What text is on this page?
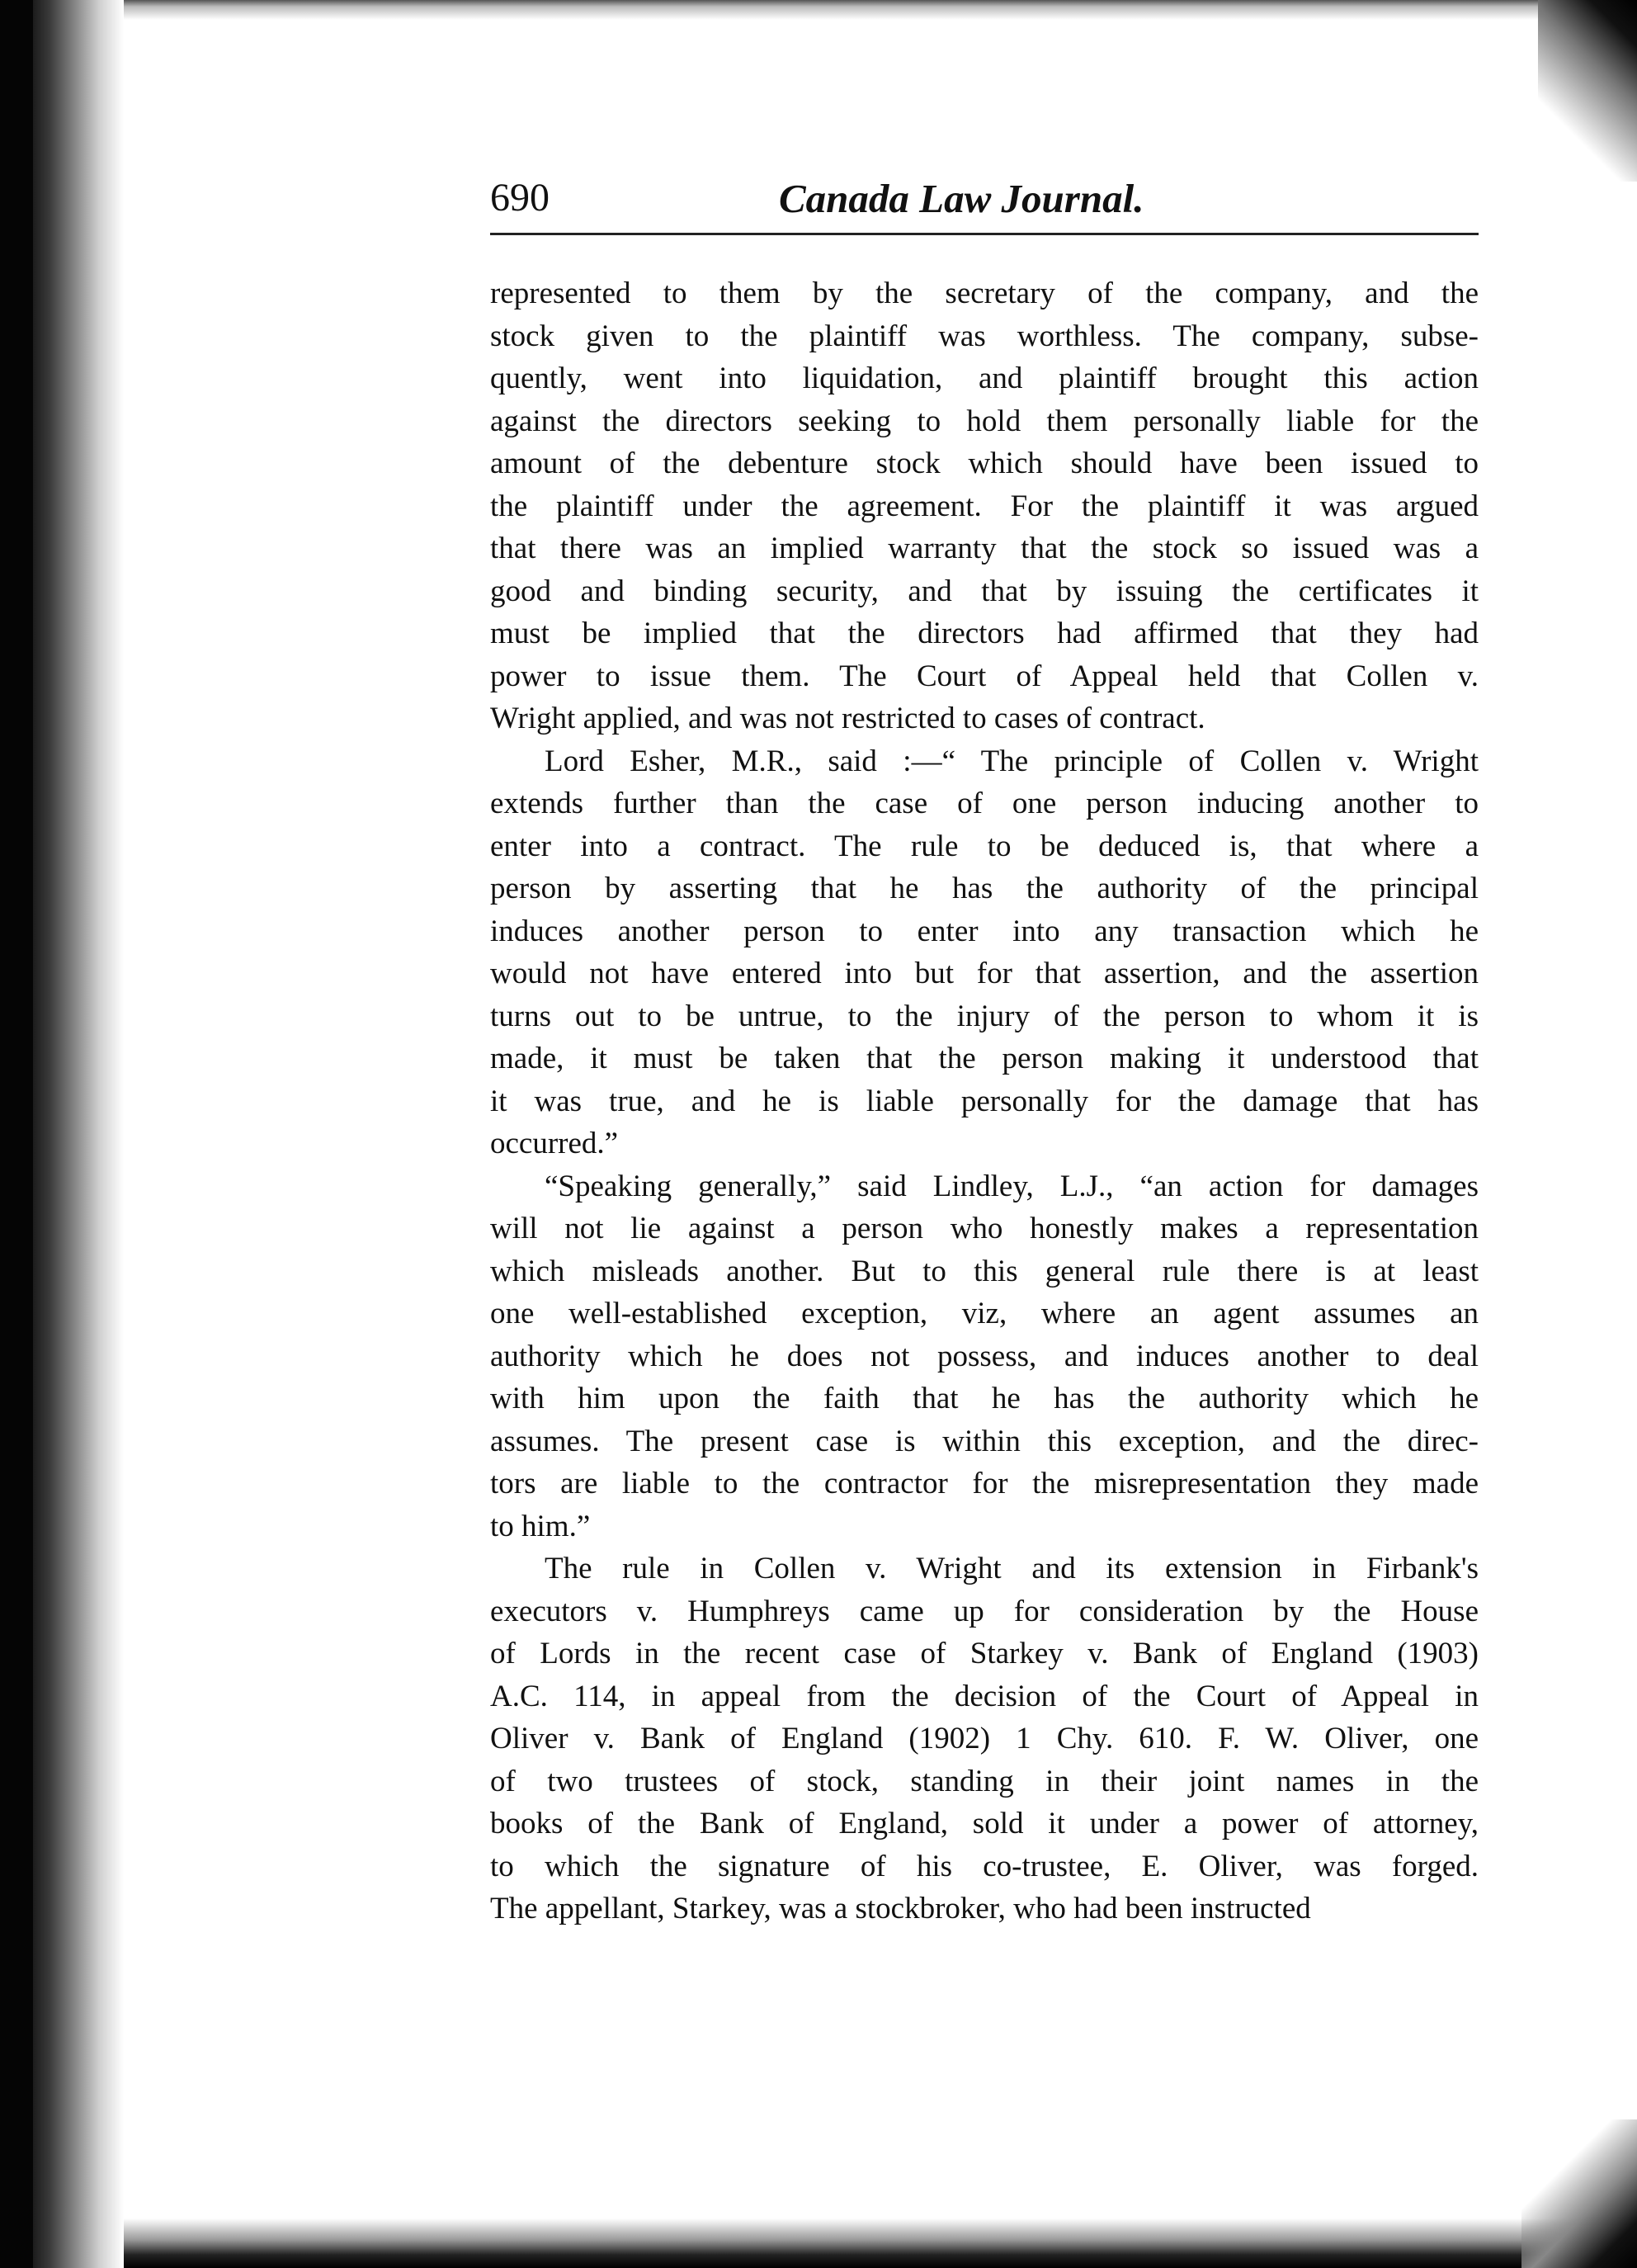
690	Canada Law Journal.
represented to them by the secretary of the company, and the
stock given to the plaintiff was worthless. The company, subse-
quently, went into liquidation, and plaintiff brought this action
against the directors seeking to hold them personally liable for the
amount of the debenture stock which should have been issued to
the plaintiff under the agreement. For the plaintiff it was argued
that there was an implied warranty that the stock so issued was a
good and binding security, and that by issuing the certificates it
must be implied that the directors had affirmed that they had
power to issue them. The Court of Appeal held that Collen v.
Wright applied, and was not restricted to cases of contract.
Lord Esher, M.R., said :—“ The principle of Collen v. Wright
extends further than the case of one person inducing another to
enter into a contract. The rule to be deduced is, that where a
person by asserting that he has the authority of the principal
induces another person to enter into any transaction which he
would not have entered into but for that assertion, and the assertion
turns out to be untrue, to the injury of the person to whom it is
made, it must be taken that the person making it understood that
it was true, and he is liable personally for the damage that has
occurred.”
“Speaking generally,” said Lindley, L.J., “an action for damages
will not lie against a person who honestly makes a representation
which misleads another. But to this general rule there is at least
one well-established exception, viz, where an agent assumes an
authority which he does not possess, and induces another to deal
with him upon the faith that he has the authority which he
assumes. The present case is within this exception, and the direc-
tors are liable to the contractor for the misrepresentation they made
to him.”
The rule in Collen v. Wright and its extension in Firbank's
executors v. Humphreys came up for consideration by the House
of Lords in the recent case of Starkey v. Bank of England (1903)
A.C. 114, in appeal from the decision of the Court of Appeal in
Oliver v. Bank of England (1902) 1 Chy. 610. F. W. Oliver, one
of two trustees of stock, standing in their joint names in the
books of the Bank of England, sold it under a power of attorney,
to which the signature of his co-trustee, E. Oliver, was forged.
The appellant, Starkey, was a stockbroker, who had been instructed
